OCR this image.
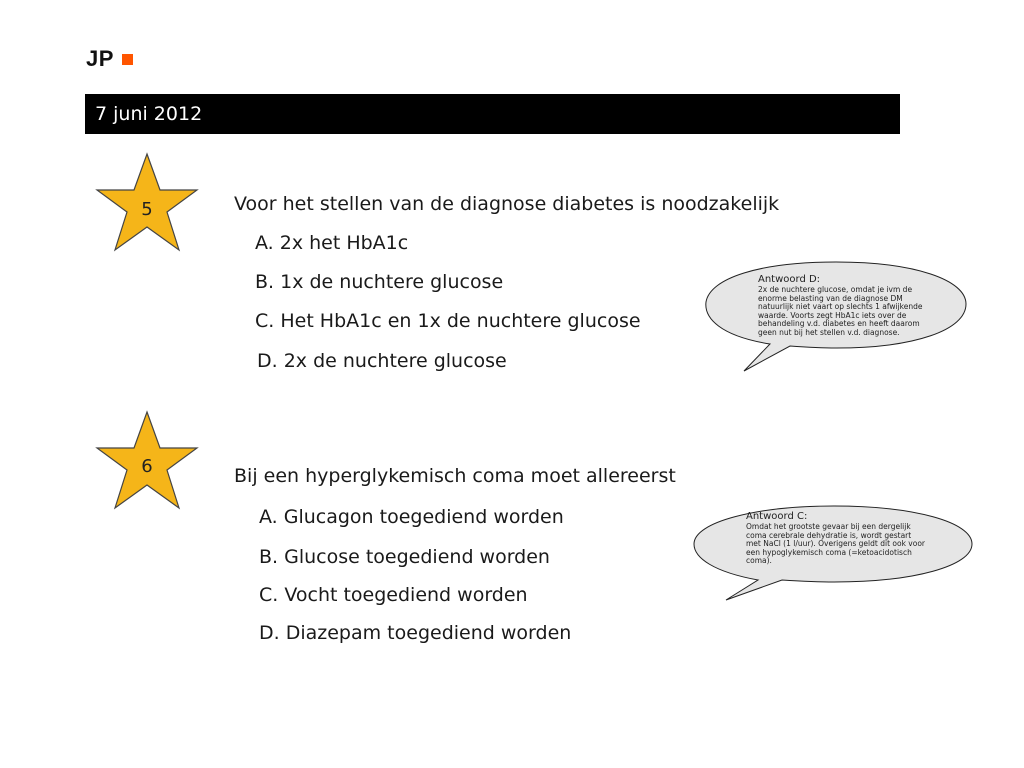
JP
7 juni 2012
5	Voor het stellen van de diagnose diabetes is noodzakelijk
A. 2x het HbA1c
B. 1x de nuchtere glucose
C. Het HbA1c en 1x de nuchtere glucose
D. 2x de nuchtere glucose
Antwoord D:
2x de nuchtere glucose, omdat je ivm de enorme belasting van de diagnose DM natuurlijk niet vaart op slechts 1 afwijkende waarde. Voorts zegt HbA1c iets over de behandeling v.d. diabetes en heeft daarom geen nut bij het stellen v.d. diagnose.
6	Bij een hyperglykemisch coma moet allereerst
A. Glucagon toegediend worden
B. Glucose toegediend worden
C. Vocht toegediend worden
D. Diazepam toegediend worden
Antwoord C:
Omdat het grootste gevaar bij een dergelijk coma cerebrale dehydratie is, wordt gestart met NaCl (1 l/uur). Overigens geldt dit ook voor een hypoglykemisch coma (=ketoacidotisch coma).
